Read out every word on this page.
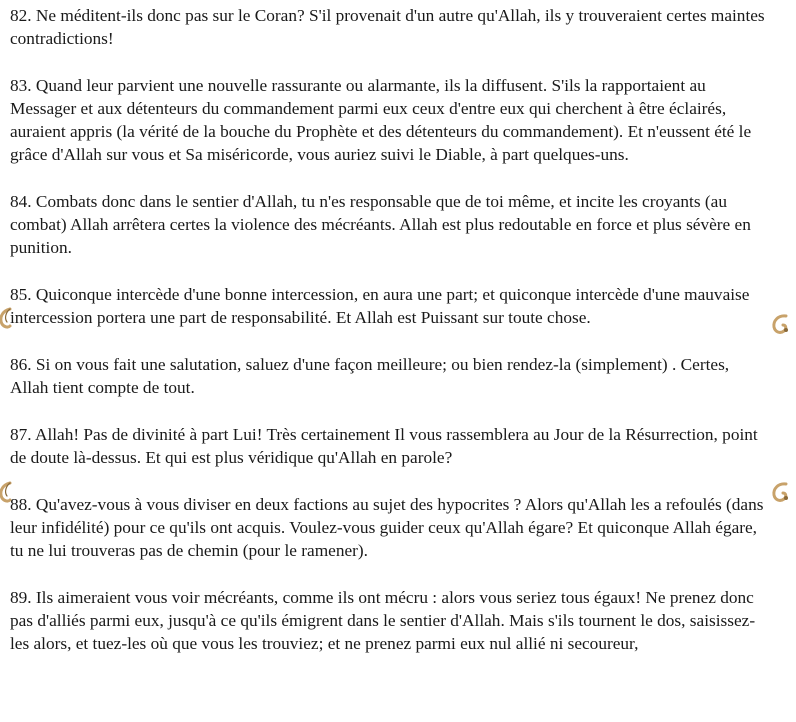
82. Ne méditent-ils donc pas sur le Coran? S'il provenait d'un autre qu'Allah, ils y trouveraient certes maintes contradictions!

83. Quand leur parvient une nouvelle rassurante ou alarmante, ils la diffusent. S'ils la rapportaient au Messager et aux détenteurs du commandement parmi eux ceux d'entre eux qui cherchent à être éclairés, auraient appris (la vérité de la bouche du Prophète et des détenteurs du commandement). Et n'eussent été le grâce d'Allah sur vous et Sa miséricorde, vous auriez suivi le Diable, à part quelques-uns.

84. Combats donc dans le sentier d'Allah, tu n'es responsable que de toi même, et incite les croyants (au combat) Allah arrêtera certes la violence des mécréants. Allah est plus redoutable en force et plus sévère en punition.

85. Quiconque intercède d'une bonne intercession, en aura une part; et quiconque intercède d'une mauvaise intercession portera une part de responsabilité. Et Allah est Puissant sur toute chose.

86. Si on vous fait une salutation, saluez d'une façon meilleure; ou bien rendez-la (simplement) . Certes, Allah tient compte de tout.

87. Allah! Pas de divinité à part Lui! Très certainement Il vous rassemblera au Jour de la Résurrection, point de doute là-dessus. Et qui est plus véridique qu'Allah en parole?

88. Qu'avez-vous à vous diviser en deux factions au sujet des hypocrites ? Alors qu'Allah les a refoulés (dans leur infidélité) pour ce qu'ils ont acquis. Voulez-vous guider ceux qu'Allah égare? Et quiconque Allah égare, tu ne lui trouveras pas de chemin (pour le ramener).

89. Ils aimeraient vous voir mécréants, comme ils ont mécru : alors vous seriez tous égaux! Ne prenez donc pas d'alliés parmi eux, jusqu'à ce qu'ils émigrent dans le sentier d'Allah. Mais s'ils tournent le dos, saisissez-les alors, et tuez-les où que vous les trouviez; et ne prenez parmi eux nul allié ni secoureur,
